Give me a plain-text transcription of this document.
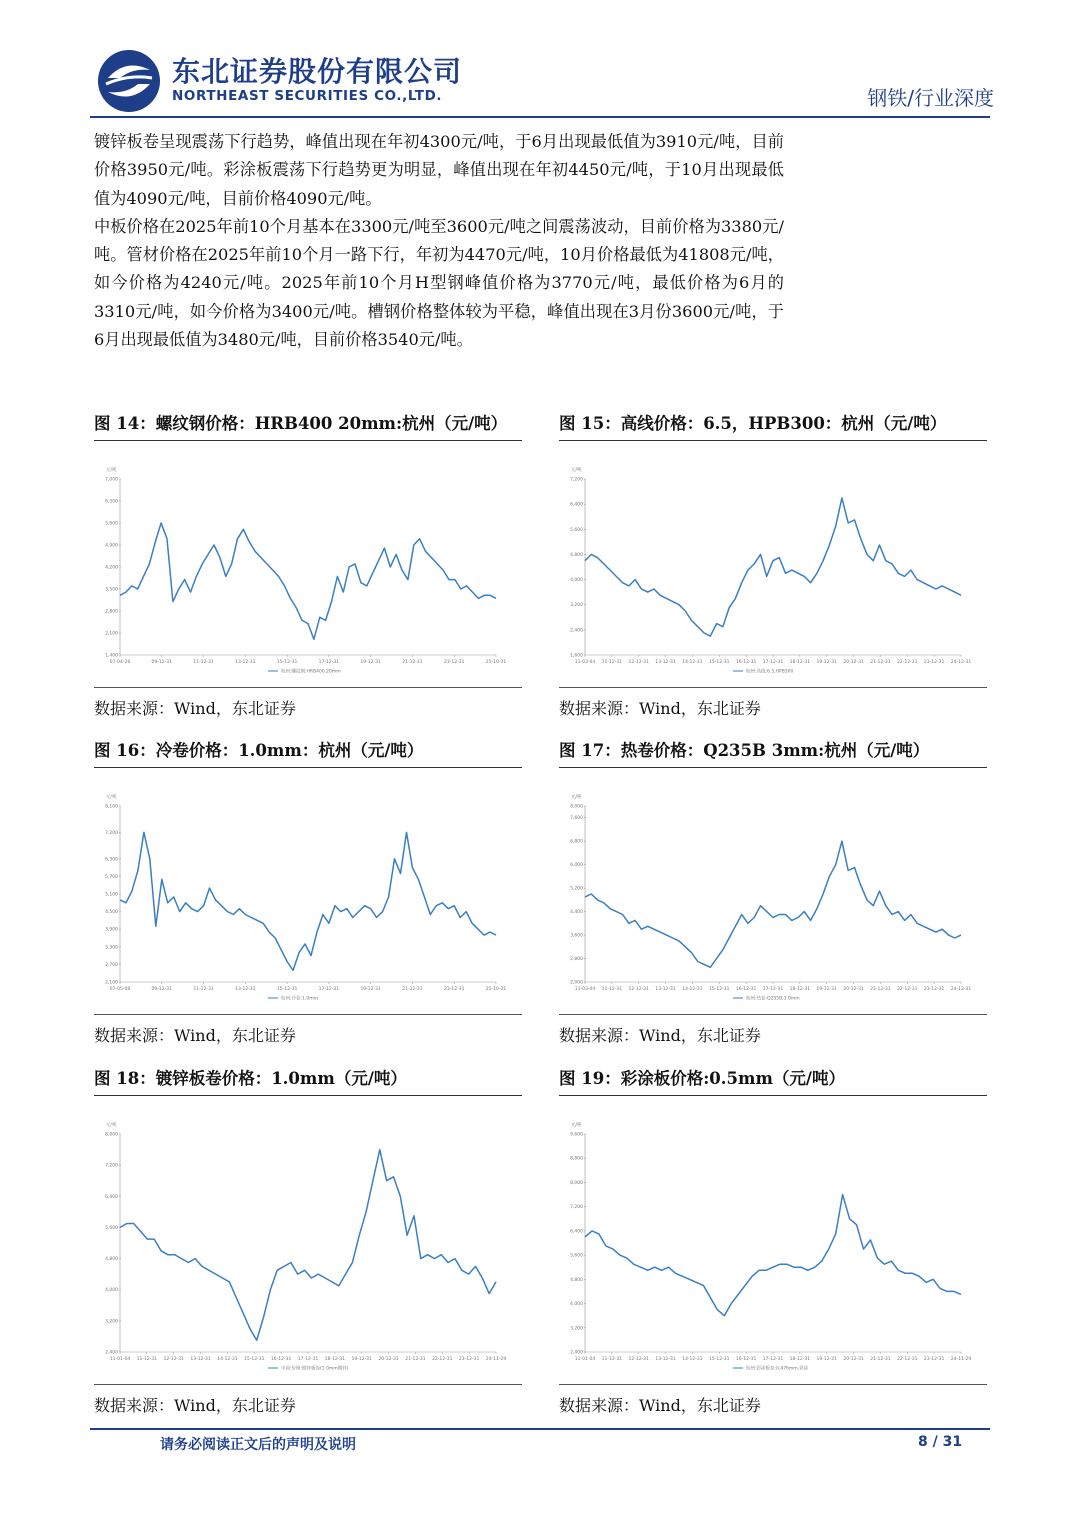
东北证券股份有限公司
NORTHEAST SECURITIES CO.,LTD.	钢铁/行业深度

镀锌板卷呈现震荡下行趋势，峰值出现在年初4300元/吨，于6月出现最低值为3910元/吨，目前价格3950元/吨。彩涂板震荡下行趋势更为明显，峰值出现在年初4450元/吨，于10月出现最低值为4090元/吨，目前价格4090元/吨。

中板价格在2025年前10个月基本在3300元/吨至3600元/吨之间震荡波动，目前价格为3380元/吨。管材价格在2025年前10个月一路下行，年初为4470元/吨，10月价格最低为41808元/吨，如今价格为4240元/吨。2025年前10个月H型钢峰值价格为3770元/吨，最低价格为6月的3310元/吨，如今价格为3400元/吨。槽钢价格整体较为平稳，峰值出现在3月份3600元/吨，于6月出现最低值为3480元/吨，目前价格3540元/吨。

图 14：螺纹钢价格：HRB400 20mm:杭州（元/吨）
元/吨
1,400
2,100
2,800
3,500
4,200
4,900
5,600
6,300
7,000
07-04-28	09-12-31	11-12-31	13-12-31	15-12-31	17-12-31	19-12-31	21-12-31	23-12-31	25-10-31
杭州:螺纹钢:HRB400,20mm
数据来源：Wind，东北证券
图 15：高线价格：6.5，HPB300：杭州（元/吨）
元/吨
1,600
2,400
3,200
4,000
4,800
5,600
6,400
7,200
11-03-04 11-12-31 12-12-31 13-12-31 14-12-31 15-12-31 16-12-31 17-12-31 18-12-31 19-12-31 20-12-31 21-12-31 22-12-31 23-12-31 24-12-31
杭州:高线:6.5,HPB300
数据来源：Wind，东北证券
图 16：冷卷价格：1.0mm：杭州（元/吨）
元/吨
2,100
2,700
3,300
3,900
4,500
5,100
5,700
6,300
7,200
8,100
07-05-08	09-12-31	11-12-31	13-12-31	15-12-31	17-12-31	19-12-31	21-12-31	23-12-31	25-10-31
杭州:冷卷:1.0mm
数据来源：Wind，东北证券
图 17：热卷价格：Q235B 3mm:杭州（元/吨）
元/吨
2,000
2,800
3,600
4,400
5,200
6,000
6,800
7,600
8,000
11-03-04 11-12-31 12-12-31 13-12-31 14-12-31 15-12-31 16-12-31 17-12-31 18-12-31 19-12-31 20-12-31 21-12-31 22-12-31 23-12-31 24-12-31
杭州:热卷:Q235B,3.0mm
数据来源：Wind，东北证券
图 18：镀锌板卷价格：1.0mm（元/吨）
元/吨
2,400
3,200
4,000
4,800
5,600
6,400
7,200
8,000
11-01-04 11-12-31 12-12-31 13-12-31 14-12-31 15-12-31 16-12-31 17-12-31 18-12-31 19-12-31 20-12-31 21-12-31 22-12-31 23-12-31 24-11-29
中国:价格:镀锌板卷(1.0mm镀锌)
数据来源：Wind，东北证券
图 19：彩涂板价格:0.5mm（元/吨）
元/吨
2,400
3,200
4,000
4,800
5,600
6,400
7,200
8,000
8,800
9,600
11-01-04 11-12-31 12-12-31 13-12-31 14-12-31 15-12-31 16-12-31 17-12-31 18-12-31 19-12-31 20-12-31 21-12-31 22-12-31 23-12-31 24-11-29
杭州:彩涂板卷:0.476mm,彩涂
数据来源：Wind，东北证券
请务必阅读正文后的声明及说明	8 / 31
